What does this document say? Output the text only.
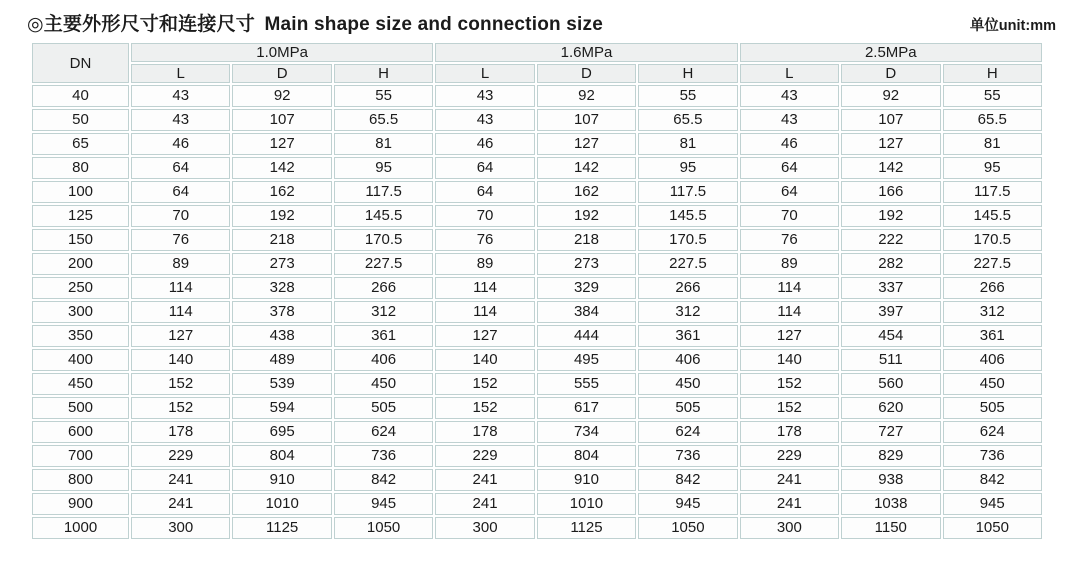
◎主要外形尺寸和连接尺寸 Main shape size and connection size	单位unit:mm
DN	1.0MPa			1.6MPa			2.5MPa		
	L	D	H	L	D	H	L	D	H
40	43	92	55	43	92	55	43	92	55
50	43	107	65.5	43	107	65.5	43	107	65.5
65	46	127	81	46	127	81	46	127	81
80	64	142	95	64	142	95	64	142	95
100	64	162	117.5	64	162	117.5	64	166	117.5
125	70	192	145.5	70	192	145.5	70	192	145.5
150	76	218	170.5	76	218	170.5	76	222	170.5
200	89	273	227.5	89	273	227.5	89	282	227.5
250	114	328	266	114	329	266	114	337	266
300	114	378	312	114	384	312	114	397	312
350	127	438	361	127	444	361	127	454	361
400	140	489	406	140	495	406	140	511	406
450	152	539	450	152	555	450	152	560	450
500	152	594	505	152	617	505	152	620	505
600	178	695	624	178	734	624	178	727	624
700	229	804	736	229	804	736	229	829	736
800	241	910	842	241	910	842	241	938	842
900	241	1010	945	241	1010	945	241	1038	945
1000	300	1125	1050	300	1125	1050	300	1150	1050
